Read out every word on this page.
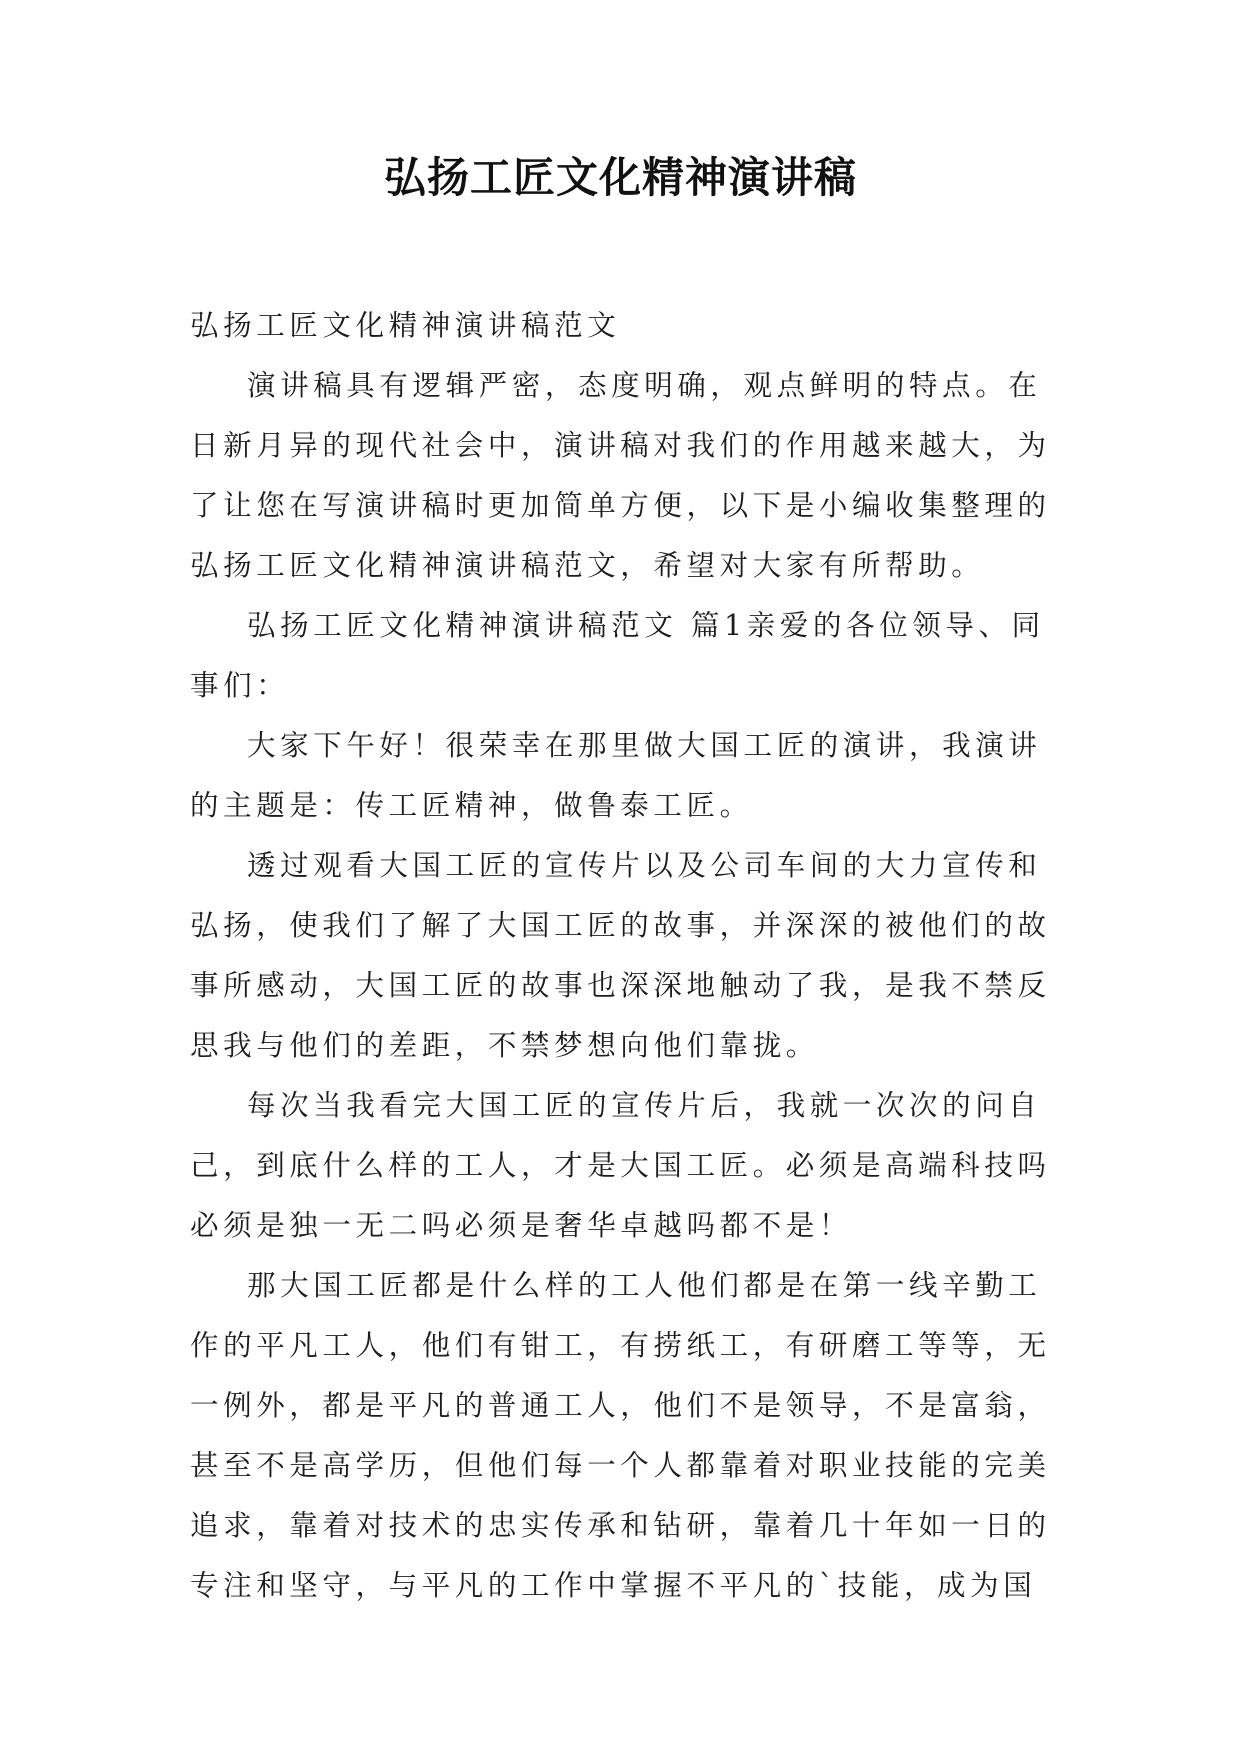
弘扬工匠文化精神演讲稿

弘扬工匠文化精神演讲稿范文

演讲稿具有逻辑严密，态度明确，观点鲜明的特点。在日新月异的现代社会中，演讲稿对我们的作用越来越大，为了让您在写演讲稿时更加简单方便，以下是小编收集整理的弘扬工匠文化精神演讲稿范文，希望对大家有所帮助。

弘扬工匠文化精神演讲稿范文 篇1亲爱的各位领导、同事们：

大家下午好！很荣幸在那里做大国工匠的演讲，我演讲的主题是：传工匠精神，做鲁泰工匠。

透过观看大国工匠的宣传片以及公司车间的大力宣传和弘扬，使我们了解了大国工匠的故事，并深深的被他们的故事所感动，大国工匠的故事也深深地触动了我，是我不禁反思我与他们的差距，不禁梦想向他们靠拢。

每次当我看完大国工匠的宣传片后，我就一次次的问自己，到底什么样的工人，才是大国工匠。必须是高端科技吗必须是独一无二吗必须是奢华卓越吗都不是！

那大国工匠都是什么样的工人他们都是在第一线辛勤工作的平凡工人，他们有钳工，有捞纸工，有研磨工等等，无一例外，都是平凡的普通工人，他们不是领导，不是富翁，甚至不是高学历，但他们每一个人都靠着对职业技能的完美追求，靠着对技术的忠实传承和钻研，靠着几十年如一日的专注和坚守，与平凡的工作中掌握不平凡的`技能，成为国
